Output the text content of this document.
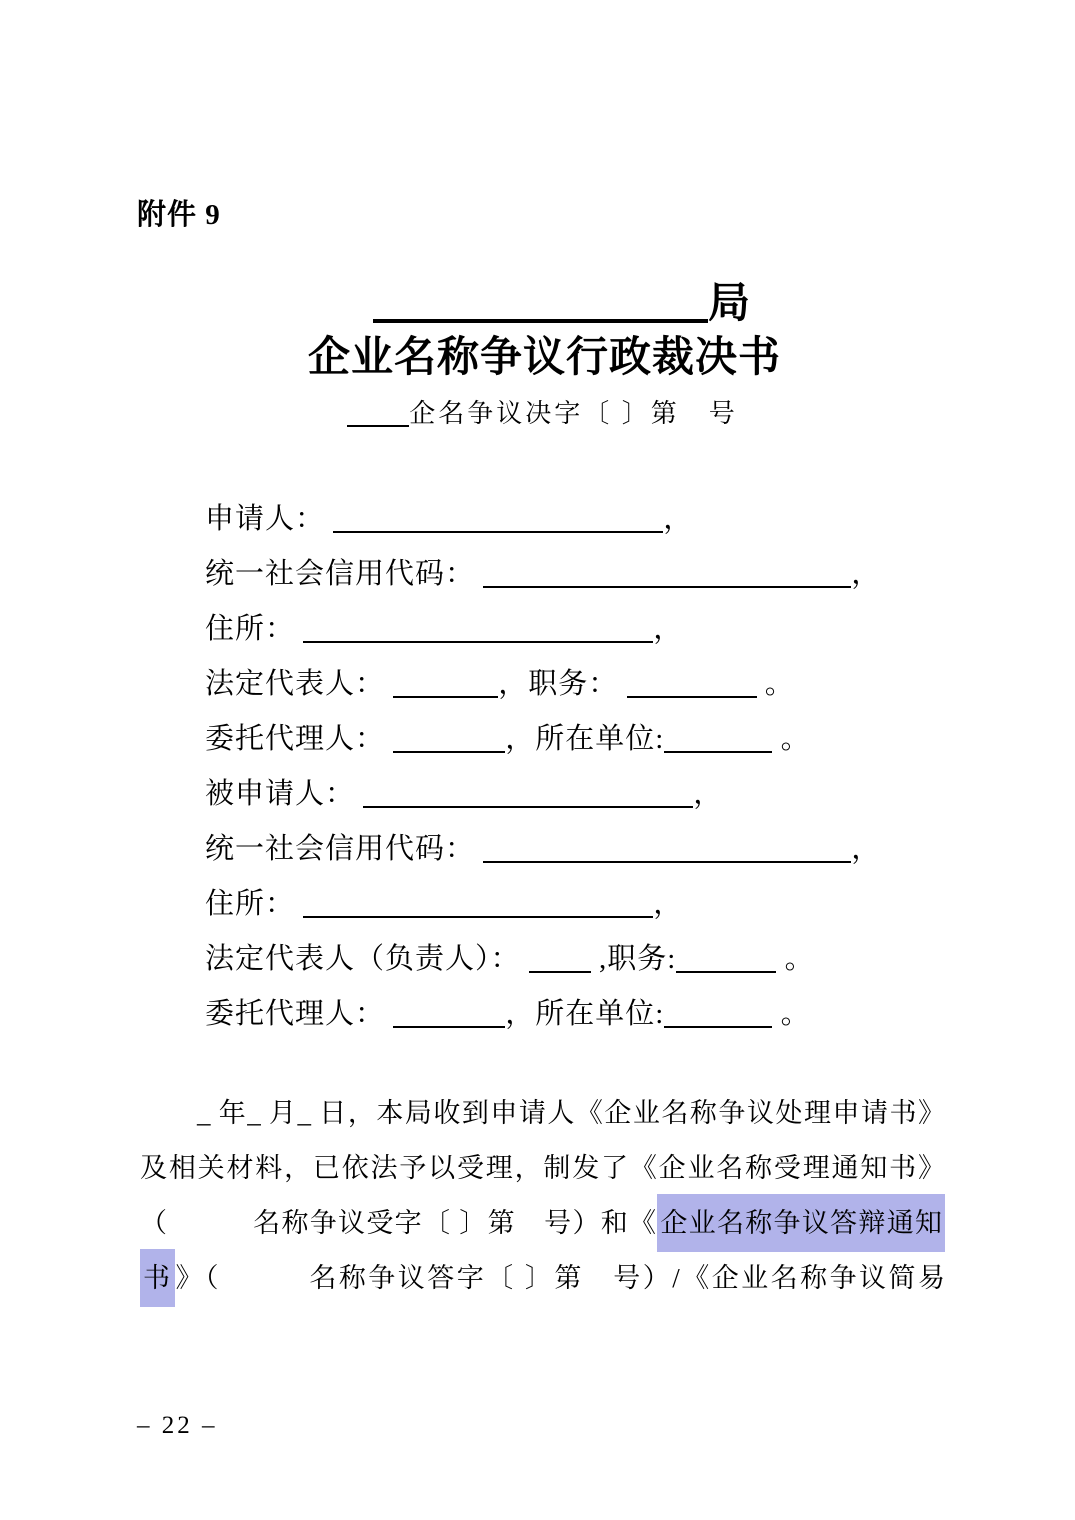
附件 9
局
企业名称争议行政裁决书
企名争议决字〔 〕第　号
申请人：	，
统一社会信用代码：	，
住所：	，
法定代表人：	，职务：	。
委托代理人：	，所在单位:	。
被申请人：	，
统一社会信用代码：	，
住所：	，
法定代表人（负责人）：  ,职务:	。
委托代理人：	，所在单位:	。
　　_ 年_ 月_ 日，本局收到申请人《企业名称争议处理申请书》
及相关材料，已依法予以受理，制发了《企业名称受理通知书》
（　　　名称争议受字〔 〕第　号）和《 企业名称争议答辩通知
书 》（　　　名称争议答字〔 〕第　号）/《企业名称争议简易
– 22 –
